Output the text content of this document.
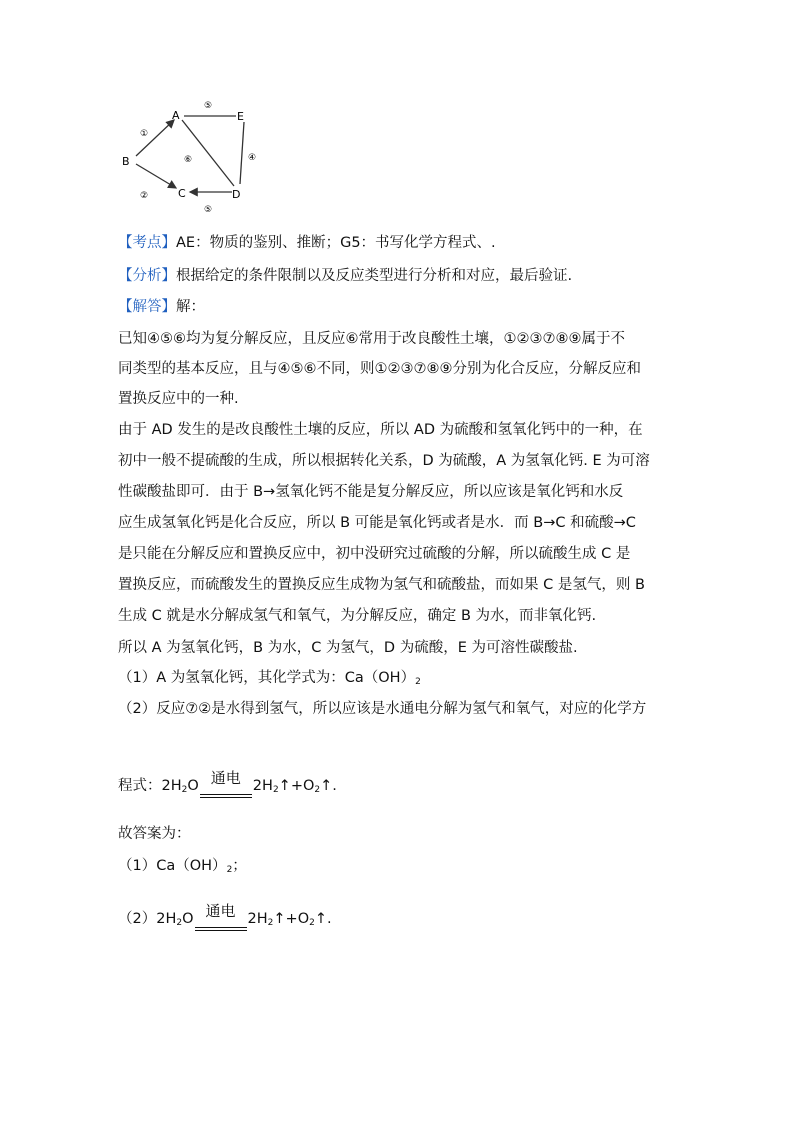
A
B
C	D
E
①
②
⑤
④
⑥
⑤
【考点】AE：物质的鉴别、推断；G5：书写化学方程式、.
【分析】根据给定的条件限制以及反应类型进行分析和对应，最后验证.
【解答】解：
已知④⑤⑥均为复分解反应，且反应⑥常用于改良酸性土壤，①②③⑦⑧⑨属于不
同类型的基本反应，且与④⑤⑥不同，则①②③⑦⑧⑨分别为化合反应，分解反应和
置换反应中的一种.
由于 AD 发生的是改良酸性土壤的反应，所以 AD 为硫酸和氢氧化钙中的一种，在
初中一般不提硫酸的生成，所以根据转化关系，D 为硫酸，A 为氢氧化钙. E 为可溶
性碳酸盐即可．由于 B→氢氧化钙不能是复分解反应，所以应该是氧化钙和水反
应生成氢氧化钙是化合反应，所以 B 可能是氧化钙或者是水．而 B→C 和硫酸→C
是只能在分解反应和置换反应中，初中没研究过硫酸的分解，所以硫酸生成 C 是
置换反应，而硫酸发生的置换反应生成物为氢气和硫酸盐，而如果 C 是氢气，则 B
生成 C 就是水分解成氢气和氧气，为分解反应，确定 B 为水，而非氧化钙.
所以 A 为氢氧化钙，B 为水，C 为氢气，D 为硫酸，E 为可溶性碳酸盐.
（1）A 为氢氧化钙，其化学式为：$Ca(OH)_2$
（2）反应⑦②是水得到氢气，所以应该是水通电分解为氢气和氧气，对应的化学方
程式：$2H_2O$ 通电 $2H_2↑+O_2↑$.
故答案为：
$(1)Ca(OH)_2$；
$(2)2H_2O$ 通电 $2H_2↑+O_2↑$.
